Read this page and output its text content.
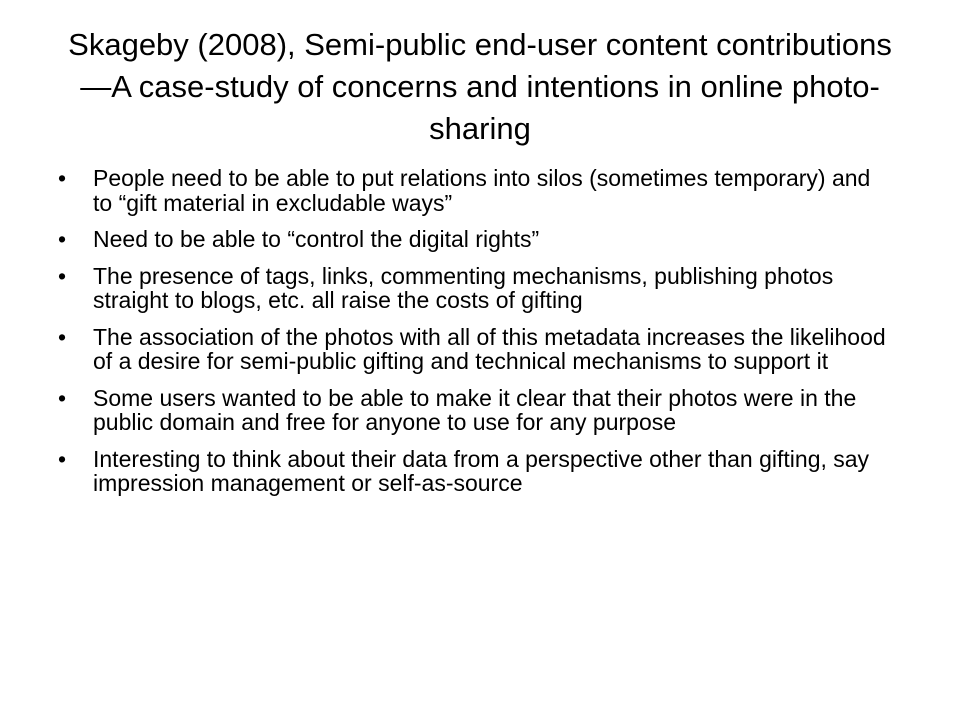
Skageby (2008), Semi-public end-user content contributions—A case-study of concerns and intentions in online photo-sharing
• People need to be able to put relations into silos (sometimes temporary) and to “gift material in excludable ways”
• Need to be able to “control the digital rights”
• The presence of tags, links, commenting mechanisms, publishing photos straight to blogs, etc. all raise the costs of gifting
• The association of the photos with all of this metadata increases the likelihood of a desire for semi-public gifting and technical mechanisms to support it
• Some users wanted to be able to make it clear that their photos were in the public domain and free for anyone to use for any purpose
• Interesting to think about their data from a perspective other than gifting, say impression management or self-as-source
